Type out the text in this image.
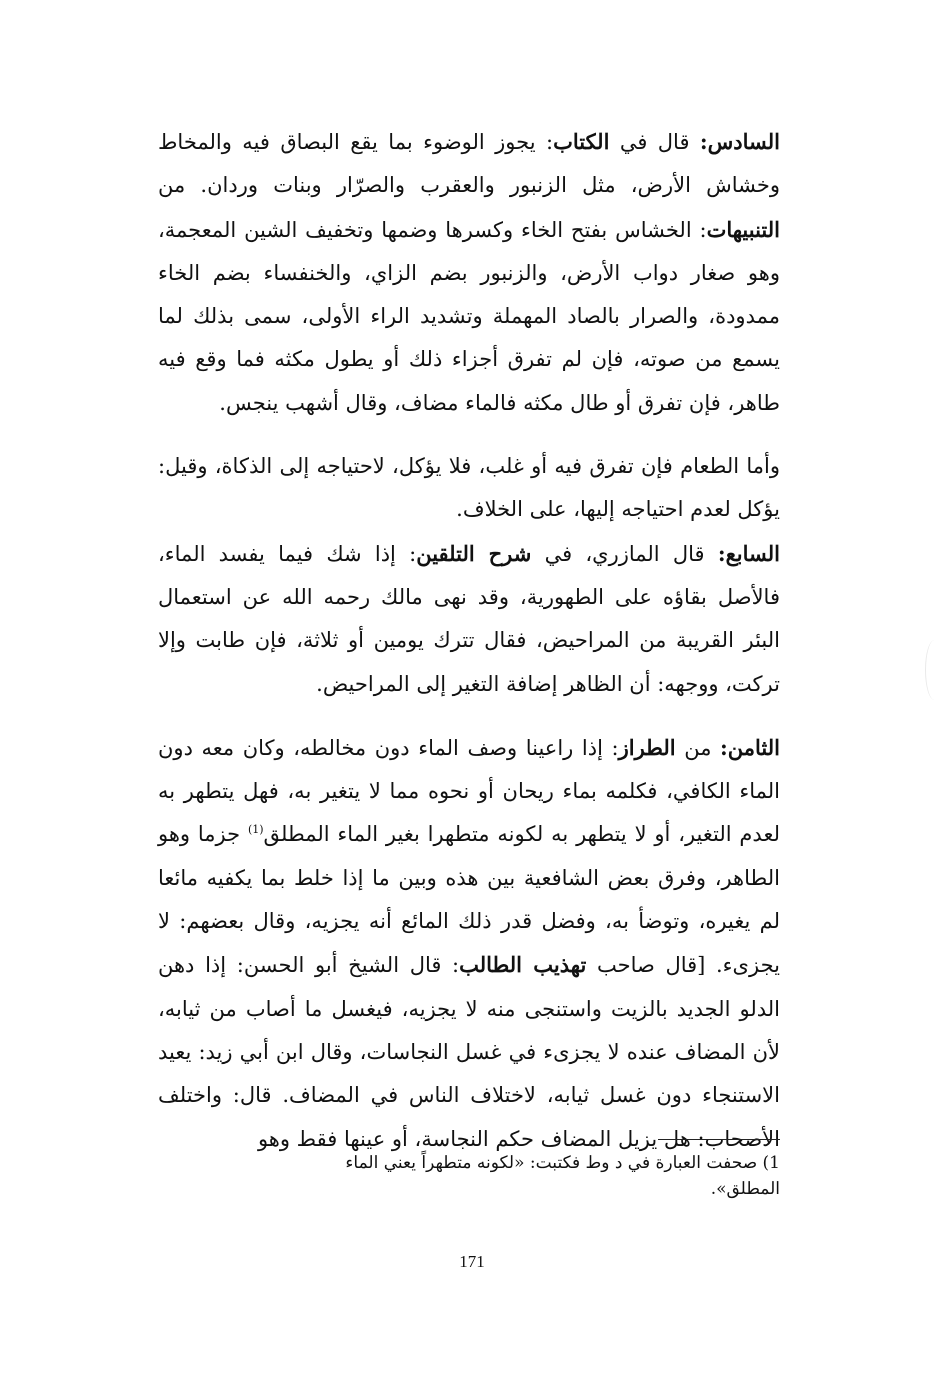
السادس: قال في الكتاب: يجوز الوضوء بما يقع البصاق فيه والمخاط وخشاش الأرض، مثل الزنبور والعقرب والصرّار وبنات وردان. من التنبيهات: الخشاس بفتح الخاء وكسرها وضمها وتخفيف الشين المعجمة، وهو صغار دواب الأرض، والزنبور بضم الزاي، والخنفساء بضم الخاء ممدودة، والصرار بالصاد المهملة وتشديد الراء الأولى، سمى بذلك لما يسمع من صوته، فإن لم تفرق أجزاء ذلك أو يطول مكثه فما وقع فيه طاهر، فإن تفرق أو طال مكثه فالماء مضاف، وقال أشهب ينجس.

وأما الطعام فإن تفرق فيه أو غلب، فلا يؤكل، لاحتياجه إلى الذكاة، وقيل: يؤكل لعدم احتياجه إليها، على الخلاف.

السابع: قال المازري، في شرح التلقين: إذا شك فيما يفسد الماء، فالأصل بقاؤه على الطهورية، وقد نهى مالك رحمه الله عن استعمال البئر القريبة من المراحيض، فقال تترك يومين أو ثلاثة، فإن طابت وإلا تركت، ووجهه: أن الظاهر إضافة التغير إلى المراحيض.

الثامن: من الطراز: إذا راعينا وصف الماء دون مخالطه، وكان معه دون الماء الكافي، فكلمه بماء ريحان أو نحوه مما لا يتغير به، فهل يتطهر به لعدم التغير، أو لا يتطهر به لكونه متطهرا بغير الماء المطلق$^{(1)}$ جزما وهو الطاهر، وفرق بعض الشافعية بين هذه وبين ما إذا خلط بما يكفيه مائعا لم يغيره، وتوضأ به، وفضل قدر ذلك المائع أنه يجزيه، وقال بعضهم: لا يجزىء. [قال صاحب تهذيب الطالب: قال الشيخ أبو الحسن: إذا دهن الدلو الجديد بالزيت واستنجى منه لا يجزيه، فيغسل ما أصاب من ثيابه، لأن المضاف عنده لا يجزىء في غسل النجاسات، وقال ابن أبي زيد: يعيد الاستنجاء دون غسل ثيابه، لاختلاف الناس في المضاف. قال: واختلف الأصحاب: هل يزيل المضاف حكم النجاسة، أو عينها فقط وهو

1) صحفت العبارة في د وط فكتبت: «لكونه متطهراً يعني الماء المطلق».
171
